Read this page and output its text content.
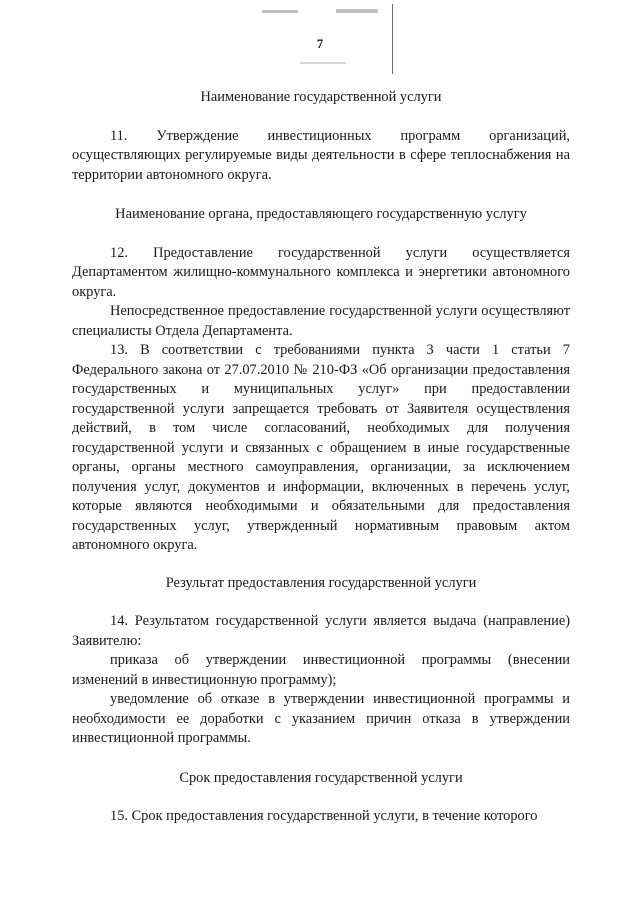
7

Наименование государственной услуги

11. Утверждение инвестиционных программ организаций, осуществляющих регулируемые виды деятельности в сфере теплоснабжения на территории автономного округа.

Наименование органа, предоставляющего государственную услугу

12. Предоставление государственной услуги осуществляется Департаментом жилищно-коммунального комплекса и энергетики автономного округа.

Непосредственное предоставление государственной услуги осуществляют специалисты Отдела Департамента.

13. В соответствии с требованиями пункта 3 части 1 статьи 7 Федерального закона от 27.07.2010 № 210-ФЗ «Об организации предоставления государственных и муниципальных услуг» при предоставлении государственной услуги запрещается требовать от Заявителя осуществления действий, в том числе согласований, необходимых для получения государственной услуги и связанных с обращением в иные государственные органы, органы местного самоуправления, организации, за исключением получения услуг, документов и информации, включенных в перечень услуг, которые являются необходимыми и обязательными для предоставления государственных услуг, утвержденный нормативным правовым актом автономного округа.

Результат предоставления государственной услуги

14. Результатом государственной услуги является выдача (направление) Заявителю:

приказа об утверждении инвестиционной программы (внесении изменений в инвестиционную программу);

уведомление об отказе в утверждении инвестиционной программы и необходимости ее доработки с указанием причин отказа в утверждении инвестиционной программы.

Срок предоставления государственной услуги

15. Срок предоставления государственной услуги, в течение которого
